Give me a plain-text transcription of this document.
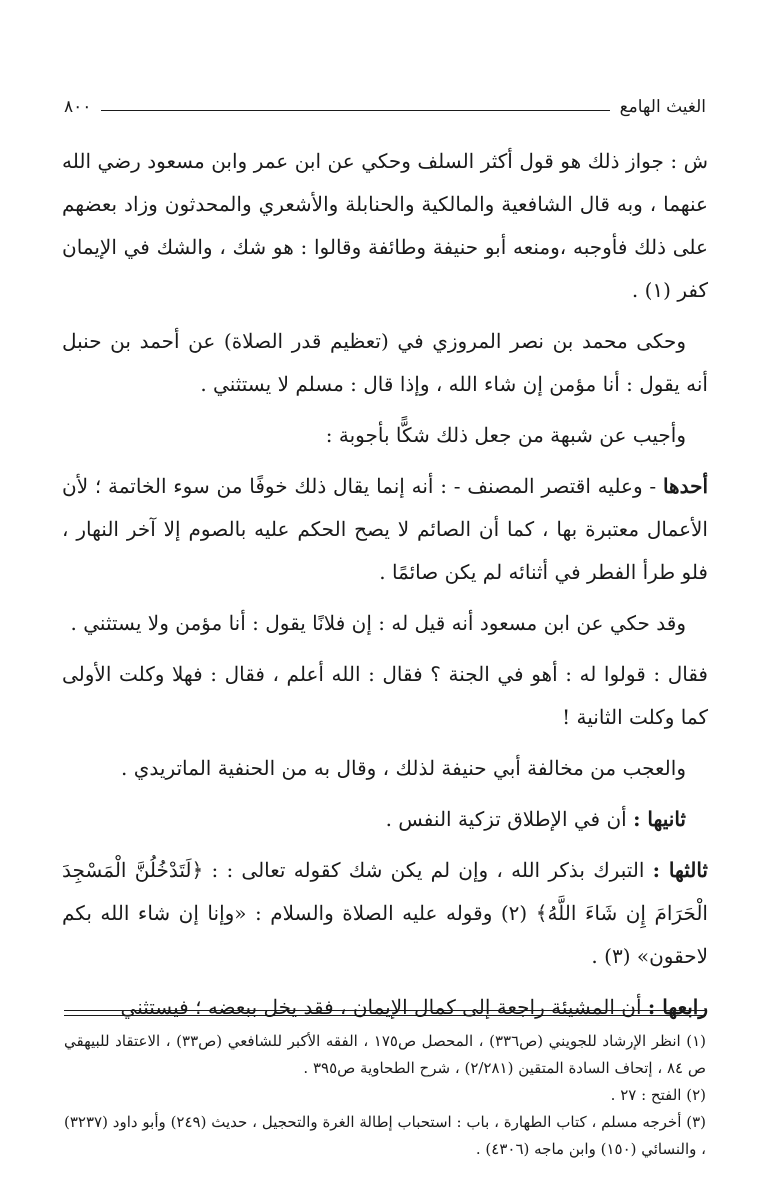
الغيث الهامع
٨٠٠

ش : جواز ذلك هو قول أكثر السلف وحكي عن ابن عمر وابن مسعود رضي الله عنهما ، وبه قال الشافعية والمالكية والحنابلة والأشعري والمحدثون وزاد بعضهم على ذلك فأوجبه ،ومنعه أبو حنيفة وطائفة وقالوا : هو شك ، والشك في الإيمان كفر (١) .

وحكى محمد بن نصر المروزي في (تعظيم قدر الصلاة) عن أحمد بن حنبل أنه يقول : أنا مؤمن إن شاء الله ، وإذا قال : مسلم لا يستثني .

وأجيب عن شبهة من جعل ذلك شكًّا بأجوبة :

أحدها - وعليه اقتصر المصنف - : أنه إنما يقال ذلك خوفًا من سوء الخاتمة ؛ لأن الأعمال معتبرة بها ، كما أن الصائم لا يصح الحكم عليه بالصوم إلا آخر النهار ، فلو طرأ الفطر في أثنائه لم يكن صائمًا .

وقد حكي عن ابن مسعود أنه قيل له : إن فلانًا يقول : أنا مؤمن ولا يستثني .

فقال : قولوا له : أهو في الجنة ؟ فقال : الله أعلم ، فقال : فهلا وكلت الأولى كما وكلت الثانية !

والعجب من مخالفة أبي حنيفة لذلك ، وقال به من الحنفية الماتريدي .

ثانيها : أن في الإطلاق تزكية النفس .

ثالثها : التبرك بذكر الله ، وإن لم يكن شك كقوله تعالى : : ﴿لَتَدْخُلُنَّ الْمَسْجِدَ الْحَرَامَ إِن شَاءَ اللَّهُ﴾ (٢) وقوله عليه الصلاة والسلام : «وإنا إن شاء الله بكم لاحقون» (٣) .

رابعها : أن المشيئة راجعة إلى كمال الإيمان ، فقد يخل ببعضه ؛ فيستثني

(١) انظر الإرشاد للجويني (ص٣٣٦) ، المحصل ص١٧٥ ، الفقه الأكبر للشافعي (ص٣٣) ، الاعتقاد للبيهقي ص ٨٤ ، إتحاف السادة المتقين (٢/٢٨١) ، شرح الطحاوية ص٣٩٥ .

(٢) الفتح : ٢٧ .

(٣) أخرجه مسلم ، كتاب الطهارة ، باب : استحباب إطالة الغرة والتحجيل ، حديث (٢٤٩) وأبو داود (٣٢٣٧) ، والنسائي (١٥٠) وابن ماجه (٤٣٠٦) .
